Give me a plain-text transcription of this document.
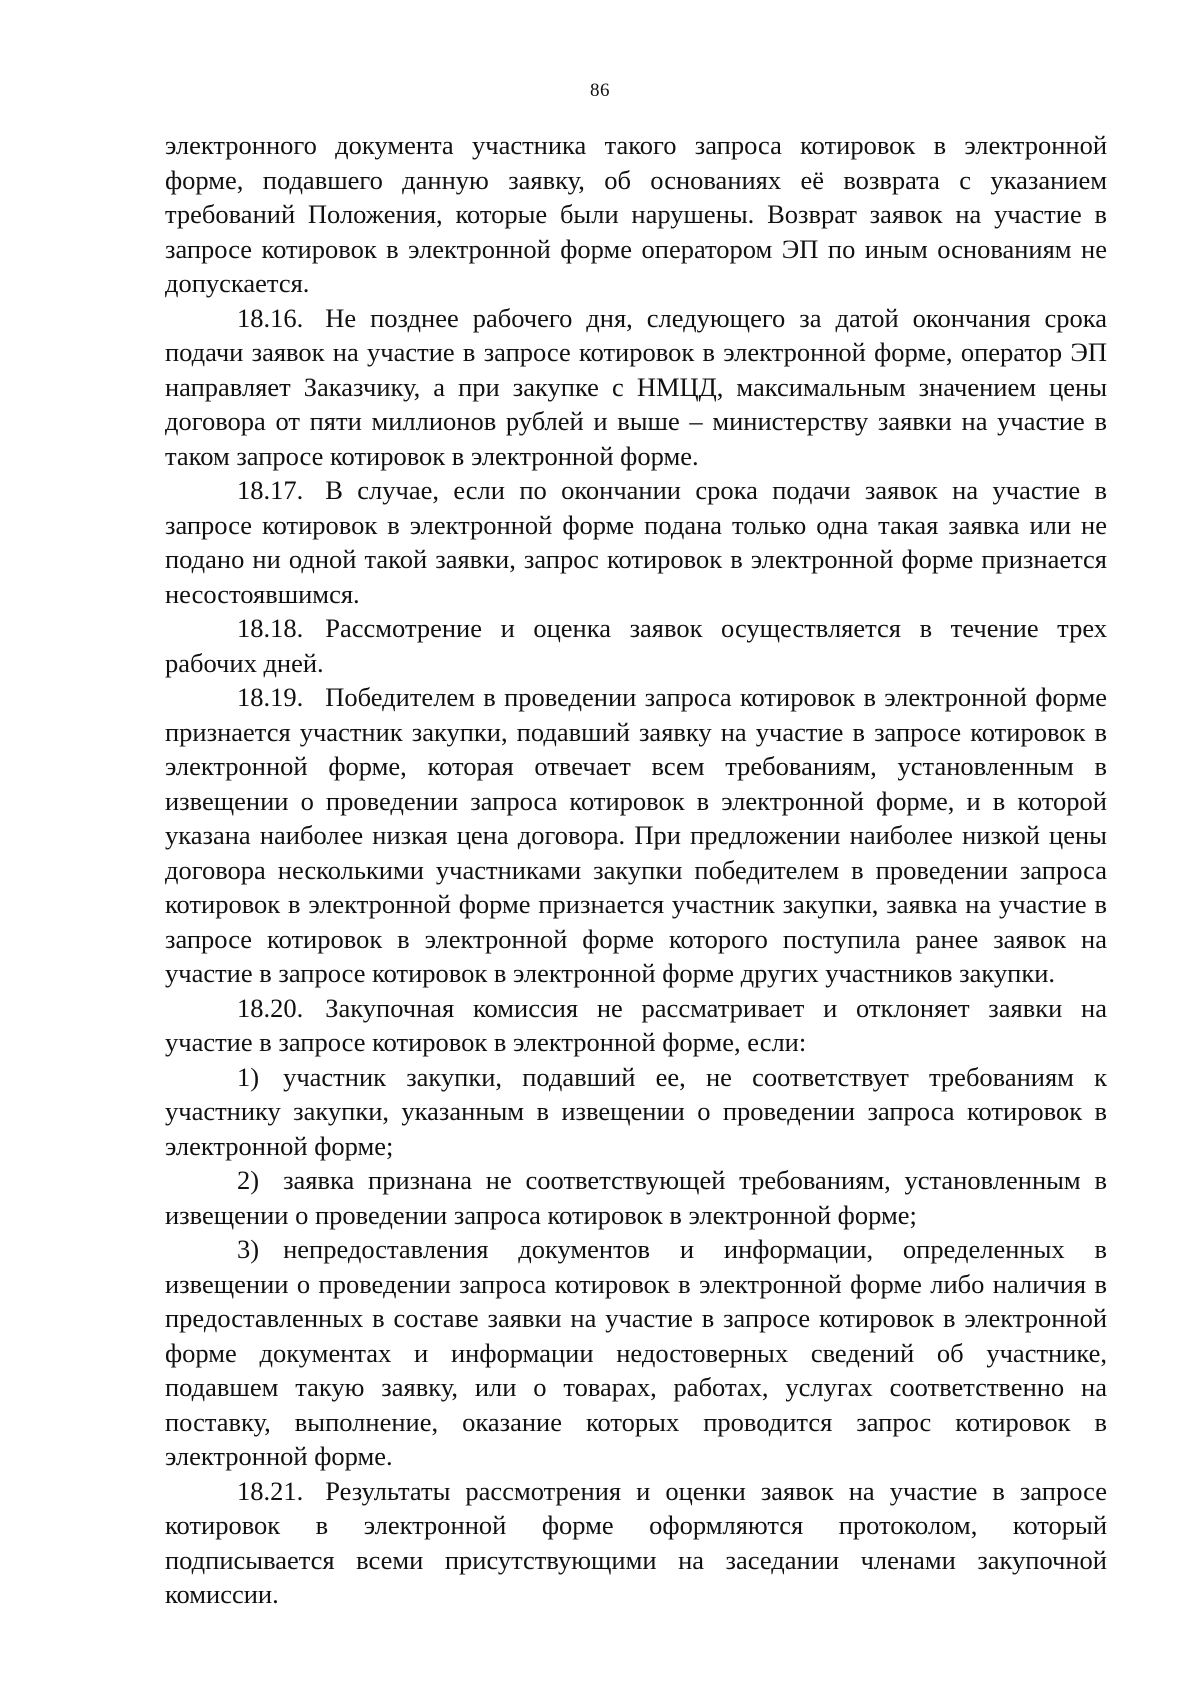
86

электронного документа участника такого запроса котировок в электронной форме, подавшего данную заявку, об основаниях её возврата с указанием требований Положения, которые были нарушены. Возврат заявок на участие в запросе котировок в электронной форме оператором ЭП по иным основаниям не допускается.

18.16. Не позднее рабочего дня, следующего за датой окончания срока подачи заявок на участие в запросе котировок в электронной форме, оператор ЭП направляет Заказчику, а при закупке с НМЦД, максимальным значением цены договора от пяти миллионов рублей и выше – министерству заявки на участие в таком запросе котировок в электронной форме.

18.17. В случае, если по окончании срока подачи заявок на участие в запросе котировок в электронной форме подана только одна такая заявка или не подано ни одной такой заявки, запрос котировок в электронной форме признается несостоявшимся.

18.18. Рассмотрение и оценка заявок осуществляется в течение трех рабочих дней.

18.19. Победителем в проведении запроса котировок в электронной форме признается участник закупки, подавший заявку на участие в запросе котировок в электронной форме, которая отвечает всем требованиям, установленным в извещении о проведении запроса котировок в электронной форме, и в которой указана наиболее низкая цена договора. При предложении наиболее низкой цены договора несколькими участниками закупки победителем в проведении запроса котировок в электронной форме признается участник закупки, заявка на участие в запросе котировок в электронной форме которого поступила ранее заявок на участие в запросе котировок в электронной форме других участников закупки.

18.20. Закупочная комиссия не рассматривает и отклоняет заявки на участие в запросе котировок в электронной форме, если:

1) участник закупки, подавший ее, не соответствует требованиям к участнику закупки, указанным в извещении о проведении запроса котировок в электронной форме;

2) заявка признана не соответствующей требованиям, установленным в извещении о проведении запроса котировок в электронной форме;

3) непредоставления документов и информации, определенных в извещении о проведении запроса котировок в электронной форме либо наличия в предоставленных в составе заявки на участие в запросе котировок в электронной форме документах и информации недостоверных сведений об участнике, подавшем такую заявку, или о товарах, работах, услугах соответственно на поставку, выполнение, оказание которых проводится запрос котировок в электронной форме.

18.21. Результаты рассмотрения и оценки заявок на участие в запросе котировок в электронной форме оформляются протоколом, который подписывается всеми присутствующими на заседании членами закупочной комиссии.
